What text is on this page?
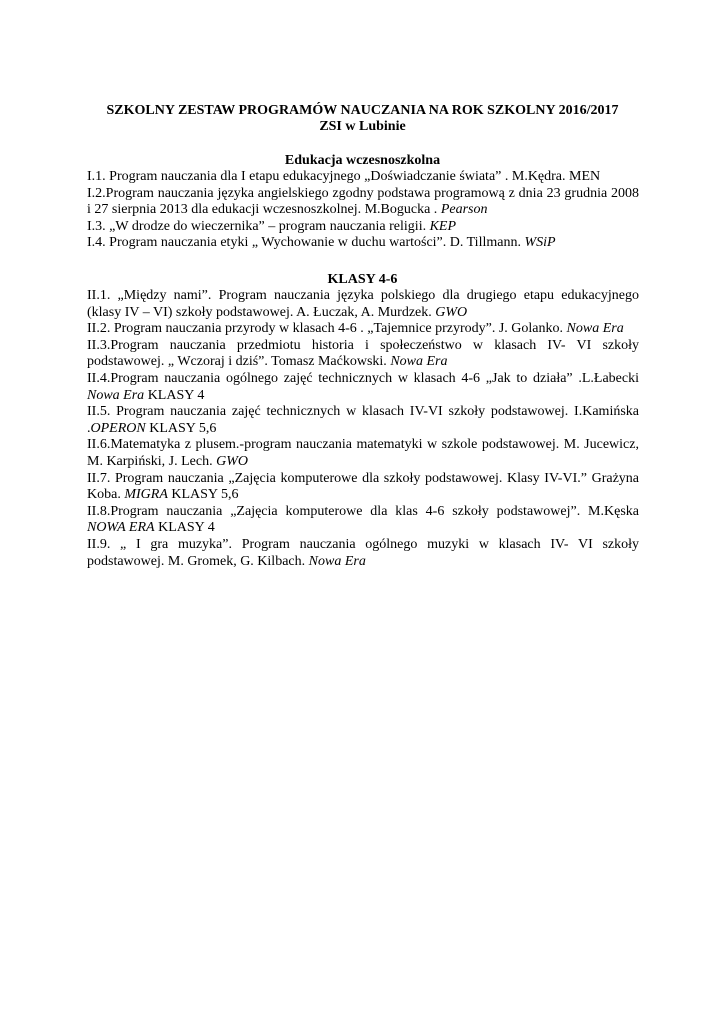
SZKOLNY ZESTAW PROGRAMÓW NAUCZANIA NA ROK SZKOLNY 2016/2017
ZSI w Lubinie
Edukacja wczesnoszkolna

I.1. Program nauczania dla I etapu edukacyjnego „Doświadczanie świata” . M.Kędra. MEN

I.2.Program nauczania języka angielskiego zgodny podstawa programową z dnia 23 grudnia 2008 i 27 sierpnia 2013 dla edukacji wczesnoszkolnej. M.Bogucka . Pearson

I.3. „W drodze do wieczernika” – program nauczania religii. KEP

I.4. Program nauczania etyki „ Wychowanie w duchu wartości”. D. Tillmann. WSiP

KLASY 4-6

II.1. „Między nami”. Program nauczania języka polskiego dla drugiego etapu edukacyjnego (klasy IV – VI) szkoły podstawowej. A. Łuczak, A. Murdzek. GWO

II.2. Program nauczania przyrody w klasach 4-6 . „Tajemnice przyrody”. J. Golanko. Nowa Era

II.3.Program nauczania przedmiotu historia i społeczeństwo w klasach IV- VI szkoły podstawowej. „ Wczoraj i dziś”. Tomasz Maćkowski. Nowa Era

II.4.Program nauczania ogólnego zajęć technicznych w klasach 4-6 „Jak to działa” .L.Łabecki Nowa Era KLASY 4

II.5. Program nauczania zajęć technicznych w klasach IV-VI szkoły podstawowej. I.Kamińska .OPERON KLASY 5,6

II.6.Matematyka z plusem.-program nauczania matematyki w szkole podstawowej. M. Jucewicz, M. Karpiński, J. Lech. GWO

II.7. Program nauczania „Zajęcia komputerowe dla szkoły podstawowej. Klasy IV-VI.” Grażyna Koba. MIGRA KLASY 5,6

II.8.Program nauczania „Zajęcia komputerowe dla klas 4-6 szkoły podstawowej”. M.Kęska NOWA ERA KLASY 4

II.9. „ I gra muzyka”. Program nauczania ogólnego muzyki w klasach IV- VI szkoły podstawowej. M. Gromek, G. Kilbach. Nowa Era
